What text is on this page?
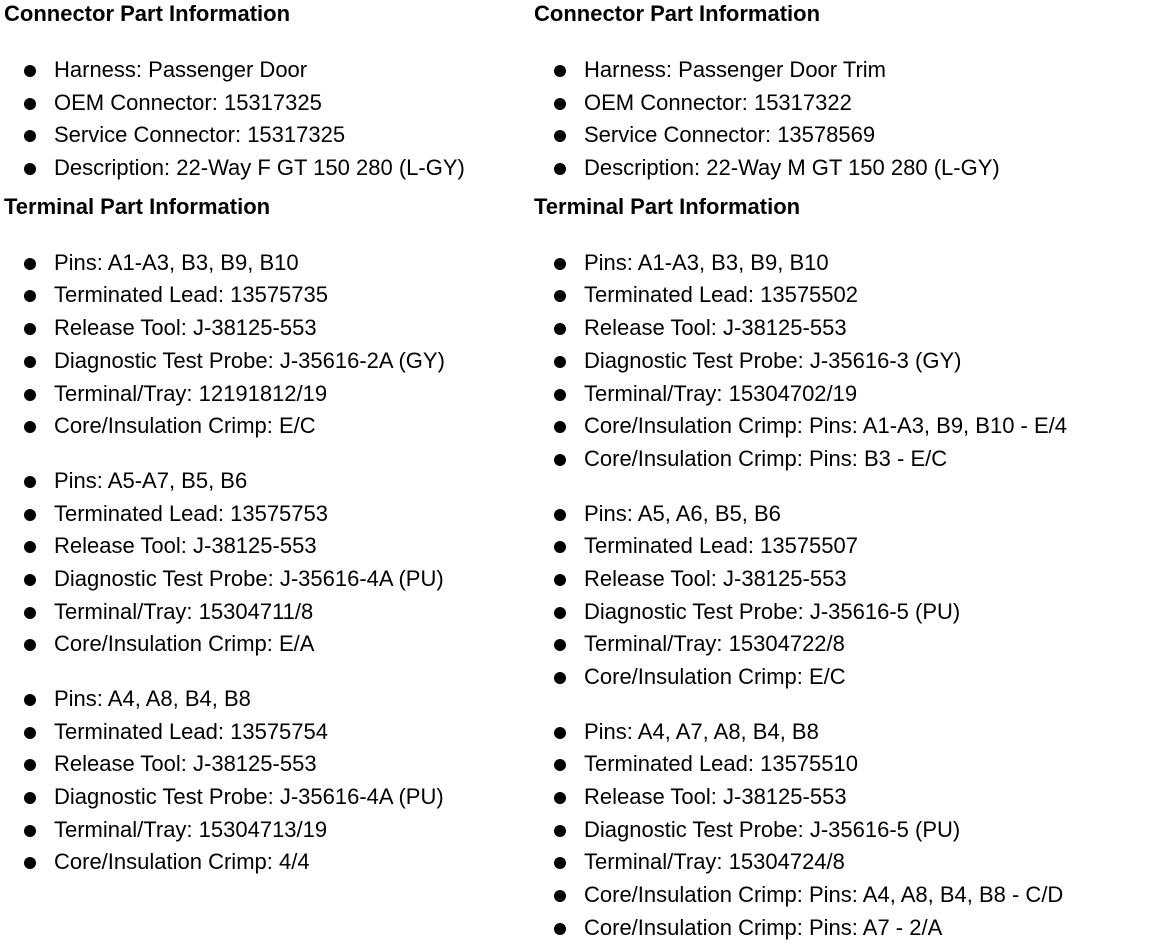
Connector Part Information
Harness: Passenger Door
OEM Connector: 15317325
Service Connector: 15317325
Description: 22-Way F GT 150 280 (L-GY)
Terminal Part Information
Pins: A1-A3, B3, B9, B10
Terminated Lead: 13575735
Release Tool: J-38125-553
Diagnostic Test Probe: J-35616-2A (GY)
Terminal/Tray: 12191812/19
Core/Insulation Crimp: E/C
Pins: A5-A7, B5, B6
Terminated Lead: 13575753
Release Tool: J-38125-553
Diagnostic Test Probe: J-35616-4A (PU)
Terminal/Tray: 15304711/8
Core/Insulation Crimp: E/A
Pins: A4, A8, B4, B8
Terminated Lead: 13575754
Release Tool: J-38125-553
Diagnostic Test Probe: J-35616-4A (PU)
Terminal/Tray: 15304713/19
Core/Insulation Crimp: 4/4
Connector Part Information
Harness: Passenger Door Trim
OEM Connector: 15317322
Service Connector: 13578569
Description: 22-Way M GT 150 280 (L-GY)
Terminal Part Information
Pins: A1-A3, B3, B9, B10
Terminated Lead: 13575502
Release Tool: J-38125-553
Diagnostic Test Probe: J-35616-3 (GY)
Terminal/Tray: 15304702/19
Core/Insulation Crimp: Pins: A1-A3, B9, B10 - E/4
Core/Insulation Crimp: Pins: B3 - E/C
Pins: A5, A6, B5, B6
Terminated Lead: 13575507
Release Tool: J-38125-553
Diagnostic Test Probe: J-35616-5 (PU)
Terminal/Tray: 15304722/8
Core/Insulation Crimp: E/C
Pins: A4, A7, A8, B4, B8
Terminated Lead: 13575510
Release Tool: J-38125-553
Diagnostic Test Probe: J-35616-5 (PU)
Terminal/Tray: 15304724/8
Core/Insulation Crimp: Pins: A4, A8, B4, B8 - C/D
Core/Insulation Crimp: Pins: A7 - 2/A
